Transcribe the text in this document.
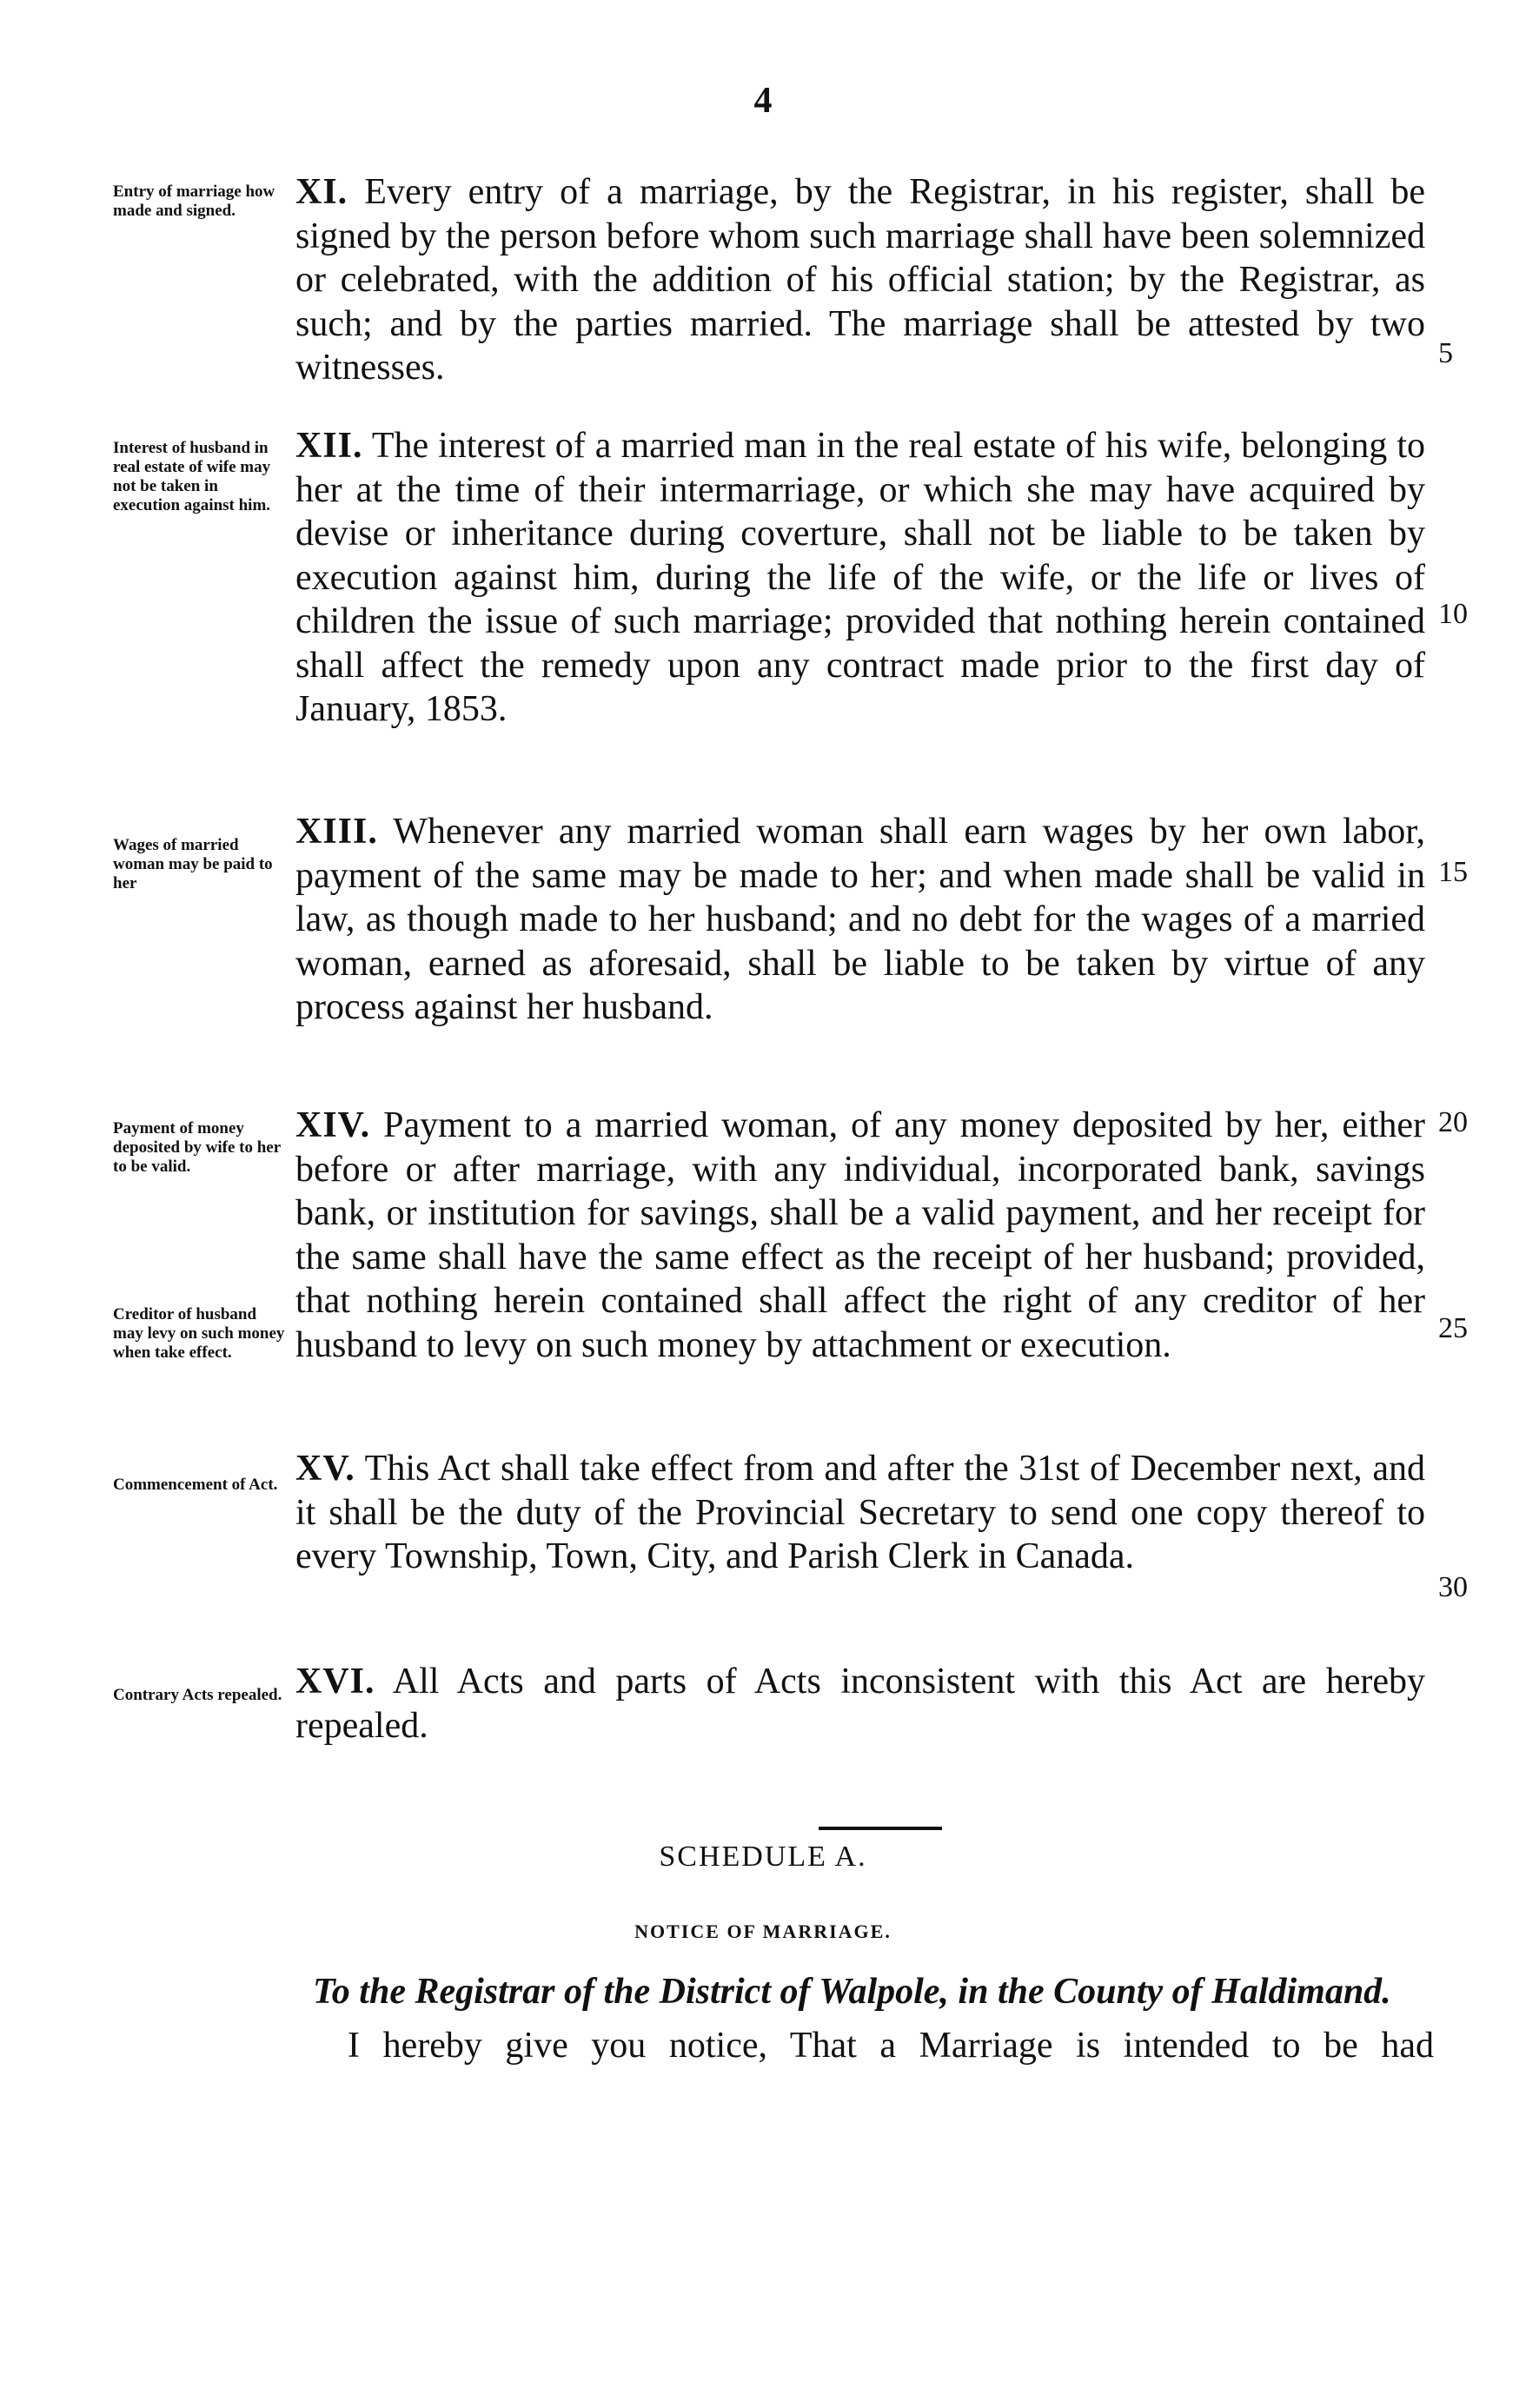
4
Entry of marriage how made and signed.
Interest of husband in real estate of wife may not be taken in execution against him.
Wages of married woman may be paid to her
Payment of money deposited by wife to her to be valid.
Creditor of husband may levy on such money when take effect.
Commencement of Act.
Contrary Acts repealed.
XI. Every entry of a marriage, by the Registrar, in his register, shall be signed by the person before whom such marriage shall have been solemnized or celebrated, with the addition of his official station; by the Registrar, as such; and by the parties married. The marriage shall be attested by two witnesses.
XII. The interest of a married man in the real estate of his wife, belonging to her at the time of their intermarriage, or which she may have acquired by devise or inheritance during coverture, shall not be liable to be taken by execution against him, during the life of the wife, or the life or lives of children the issue of such marriage; provided that nothing herein contained shall affect the remedy upon any contract made prior to the first day of January, 1853.
XIII. Whenever any married woman shall earn wages by her own labor, payment of the same may be made to her; and when made shall be valid in law, as though made to her husband; and no debt for the wages of a married woman, earned as aforesaid, shall be liable to be taken by virtue of any process against her husband.
XIV. Payment to a married woman, of any money deposited by her, either before or after marriage, with any individual, incorporated bank, savings bank, or institution for savings, shall be a valid payment, and her receipt for the same shall have the same effect as the receipt of her husband; provided, that nothing herein contained shall affect the right of any creditor of her husband to levy on such money by attachment or execution.
XV. This Act shall take effect from and after the 31st of December next, and it shall be the duty of the Provincial Secretary to send one copy thereof to every Township, Town, City, and Parish Clerk in Canada.
XVI. All Acts and parts of Acts inconsistent with this Act are hereby repealed.
5
10
15
20
25
30
SCHEDULE A.
NOTICE OF MARRIAGE.
To the Registrar of the District of Walpole, in the County of Haldimand.
I hereby give you notice, That a Marriage is intended to be had
